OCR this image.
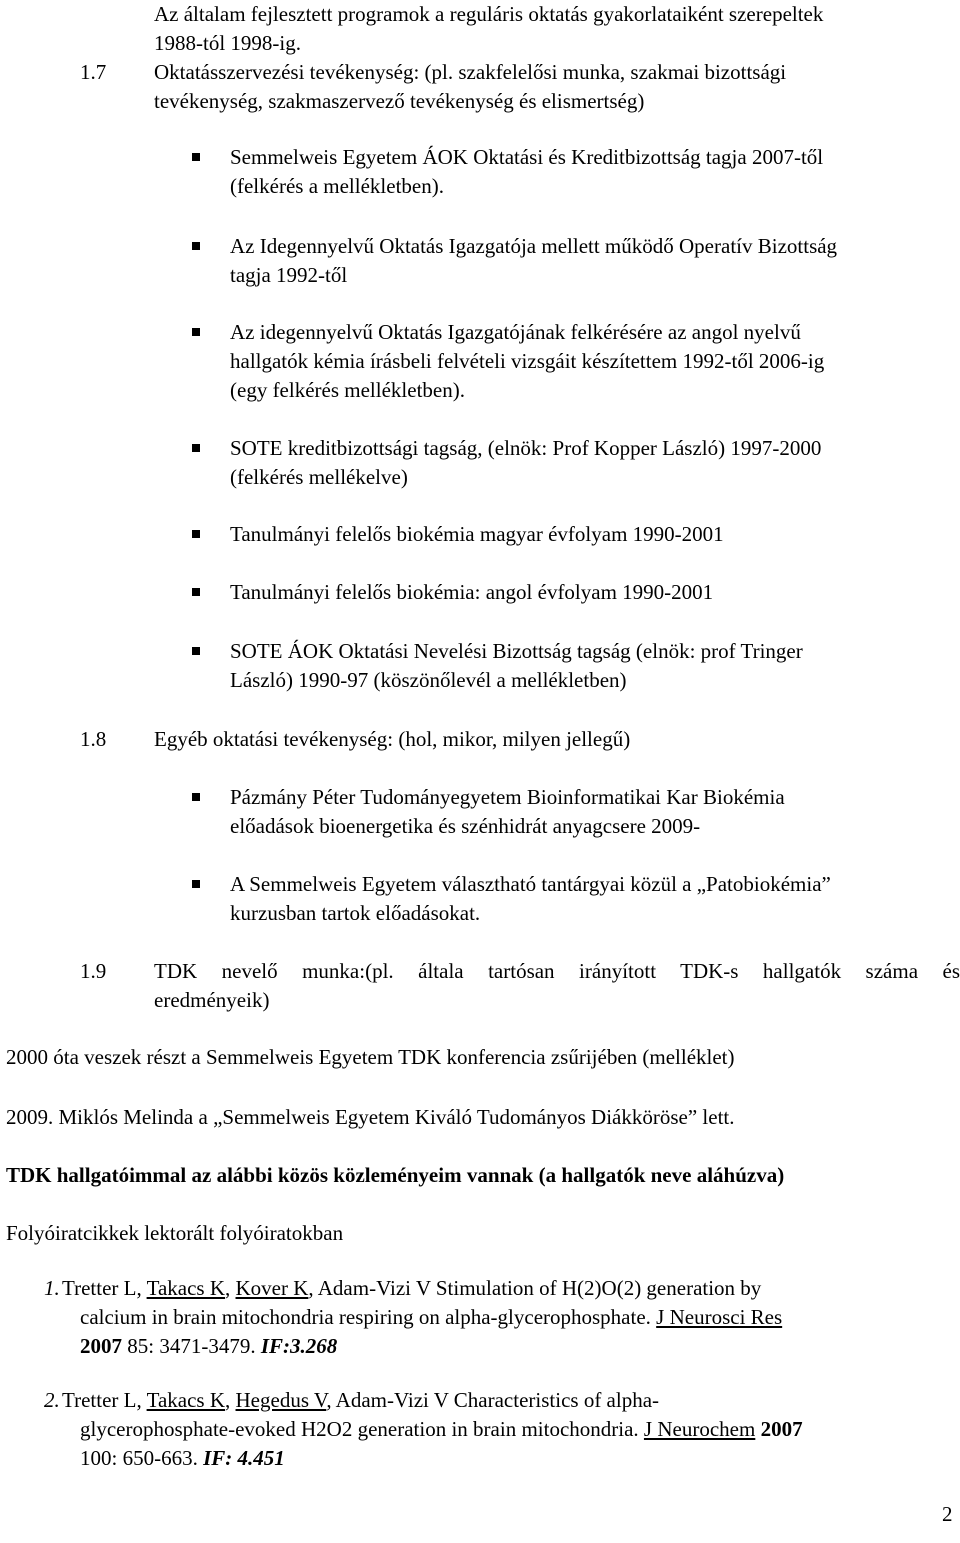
Az általam fejlesztett programok a reguláris oktatás gyakorlataiként szerepeltek
1988-tól 1998-ig.
1.7 Oktatásszervezési tevékenység: (pl. szakfelelősi munka, szakmai bizottsági
tevékenység, szakmaszervező tevékenység és elismertség)
Semmelweis Egyetem ÁOK Oktatási és Kreditbizottság tagja 2007-től
(felkérés a mellékletben).
Az Idegennyelvű Oktatás Igazgatója mellett működő Operatív Bizottság
tagja 1992-től
Az idegennyelvű Oktatás Igazgatójának felkérésére az angol nyelvű
hallgatók kémia írásbeli felvételi vizsgáit készítettem 1992-től 2006-ig
(egy felkérés mellékletben).
SOTE kreditbizottsági tagság, (elnök: Prof Kopper László) 1997-2000
(felkérés mellékelve)
Tanulmányi felelős biokémia magyar évfolyam 1990-2001
Tanulmányi felelős biokémia: angol évfolyam 1990-2001
SOTE ÁOK Oktatási Nevelési Bizottság tagság (elnök: prof Tringer
László) 1990-97 (köszönőlevél a mellékletben)
1.8 Egyéb oktatási tevékenység: (hol, mikor, milyen jellegű)
Pázmány Péter Tudományegyetem Bioinformatikai Kar Biokémia
előadások bioenergetika és szénhidrát anyagcsere 2009-
A Semmelweis Egyetem választható tantárgyai közül a „Patobiokémia”
kurzusban tartok előadásokat.
1.9 TDK nevelő munka:(pl. általa tartósan irányított TDK-s hallgatók száma és
eredményeik)
2000 óta veszek részt a Semmelweis Egyetem TDK konferencia zsűrijében (melléklet)
2009. Miklós Melinda a „Semmelweis Egyetem Kiváló Tudományos Diákköröse” lett.
TDK hallgatóimmal az alábbi közös közleményeim vannak (a hallgatók neve aláhúzva)
Folyóiratcikkek lektorált folyóiratokban
1. Tretter L, Takacs K, Kover K, Adam-Vizi V Stimulation of H(2)O(2) generation by
calcium in brain mitochondria respiring on alpha-glycerophosphate. J Neurosci Res
2007 85: 3471-3479. IF:3.268
2. Tretter L, Takacs K, Hegedus V, Adam-Vizi V Characteristics of alpha-
glycerophosphate-evoked H2O2 generation in brain mitochondria. J Neurochem 2007
100: 650-663. IF: 4.451
2
